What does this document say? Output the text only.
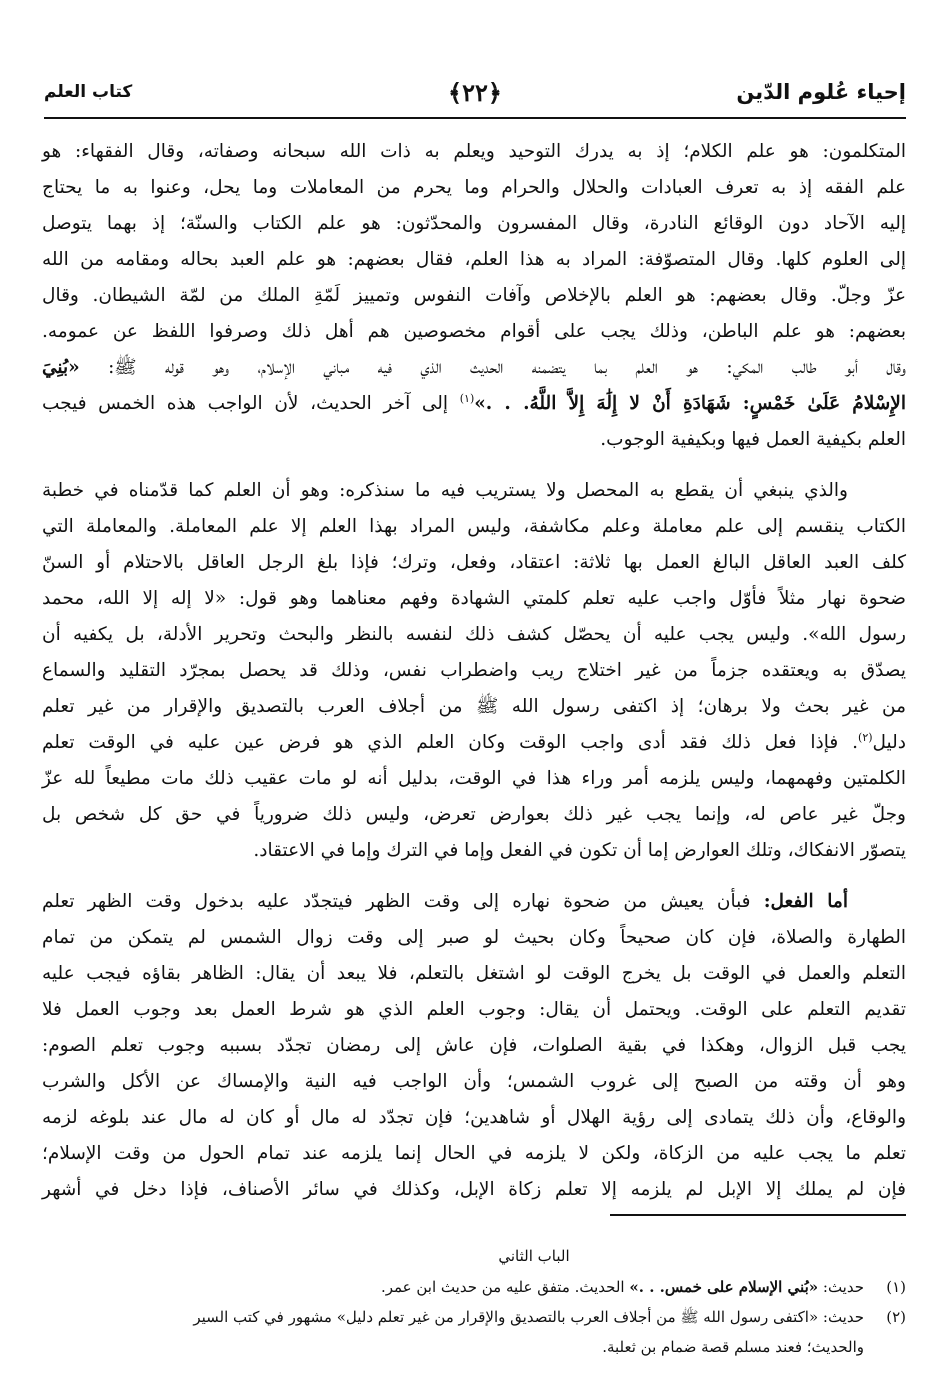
إحياء عُلوم الدّين
﴿٢٢﴾
كتاب العلم
المتكلمون: هو علم الكلام؛ إذ به يدرك التوحيد ويعلم به ذات الله سبحانه وصفاته، وقال الفقهاء: هو
علم الفقه إذ به تعرف العبادات والحلال والحرام وما يحرم من المعاملات وما يحل، وعنوا به ما يحتاج
إليه الآحاد دون الوقائع النادرة، وقال المفسرون والمحدّثون: هو علم الكتاب والسنّة؛ إذ بهما يتوصل
إلى العلوم كلها. وقال المتصوّفة: المراد به هذا العلم، فقال بعضهم: هو علم العبد بحاله ومقامه من الله
عزّ وجلّ. وقال بعضهم: هو العلم بالإخلاص وآفات النفوس وتمييز لَمّةِ الملك من لمّة الشيطان. وقال
بعضهم: هو علم الباطن، وذلك يجب على أقوام مخصوصين هم أهل ذلك وصرفوا اللفظ عن عمومه.
وقال أبو طالب المكي: هو العلم بما يتضمنه الحديث الذي فيه مباني الإسلام، وهو قوله ﷺ: «بُنِيَ
الإِسْلامُ عَلَىٰ خَمْسٍ: شَهَادَةِ أَنْ لا إِلَٰهَ إِلاَّ اللَّهُ. . .»$^{(١)}$ إلى آخر الحديث، لأن الواجب هذه الخمس فيجب
العلم بكيفية العمل فيها وبكيفية الوجوب.
والذي ينبغي أن يقطع به المحصل ولا يستريب فيه ما سنذكره: وهو أن العلم كما قدّمناه في خطبة
الكتاب ينقسم إلى علم معاملة وعلم مكاشفة، وليس المراد بهذا العلم إلا علم المعاملة. والمعاملة التي
كلف العبد العاقل البالغ العمل بها ثلاثة: اعتقاد، وفعل، وترك؛ فإذا بلغ الرجل العاقل بالاحتلام أو السنّ
ضحوة نهار مثلاً فأوّل واجب عليه تعلم كلمتي الشهادة وفهم معناهما وهو قول: «لا إله إلا الله، محمد
رسول الله». وليس يجب عليه أن يحصّل كشف ذلك لنفسه بالنظر والبحث وتحرير الأدلة، بل يكفيه أن
يصدّق به ويعتقده جزماً من غير اختلاج ريب واضطراب نفس، وذلك قد يحصل بمجرّد التقليد والسماع
من غير بحث ولا برهان؛ إذ اكتفى رسول الله ﷺ من أجلاف العرب بالتصديق والإقرار من غير تعلم
دليل$^{(٢)}$. فإذا فعل ذلك فقد أدى واجب الوقت وكان العلم الذي هو فرض عين عليه في الوقت تعلم
الكلمتين وفهمهما، وليس يلزمه أمر وراء هذا في الوقت، بدليل أنه لو مات عقيب ذلك مات مطيعاً لله عزّ
وجلّ غير عاص له، وإنما يجب غير ذلك بعوارض تعرض، وليس ذلك ضرورياً في حق كل شخص بل
يتصوّر الانفكاك، وتلك العوارض إما أن تكون في الفعل وإما في الترك وإما في الاعتقاد.
أما الفعل: فبأن يعيش من ضحوة نهاره إلى وقت الظهر فيتجدّد عليه بدخول وقت الظهر تعلم
الطهارة والصلاة، فإن كان صحيحاً وكان بحيث لو صبر إلى وقت زوال الشمس لم يتمكن من تمام
التعلم والعمل في الوقت بل يخرج الوقت لو اشتغل بالتعلم، فلا يبعد أن يقال: الظاهر بقاؤه فيجب عليه
تقديم التعلم على الوقت. ويحتمل أن يقال: وجوب العلم الذي هو شرط العمل بعد وجوب العمل فلا
يجب قبل الزوال، وهكذا في بقية الصلوات، فإن عاش إلى رمضان تجدّد بسببه وجوب تعلم الصوم:
وهو أن وقته من الصبح إلى غروب الشمس؛ وأن الواجب فيه النية والإمساك عن الأكل والشرب
والوقاع، وأن ذلك يتمادى إلى رؤية الهلال أو شاهدين؛ فإن تجدّد له مال أو كان له مال عند بلوغه لزمه
تعلم ما يجب عليه من الزكاة، ولكن لا يلزمه في الحال إنما يلزمه عند تمام الحول من وقت الإسلام؛
فإن لم يملك إلا الإبل لم يلزمه إلا تعلم زكاة الإبل، وكذلك في سائر الأصناف، فإذا دخل في أشهر
الباب الثاني
(١)حديث: «بُني الإسلام على خمس. . .» الحديث. متفق عليه من حديث ابن عمر.
(٢)حديث: «اكتفى رسول الله ﷺ من أجلاف العرب بالتصديق والإقرار من غير تعلم دليل» مشهور في كتب السير
والحديث؛ فعند مسلم قصة ضمام بن ثعلبة.
